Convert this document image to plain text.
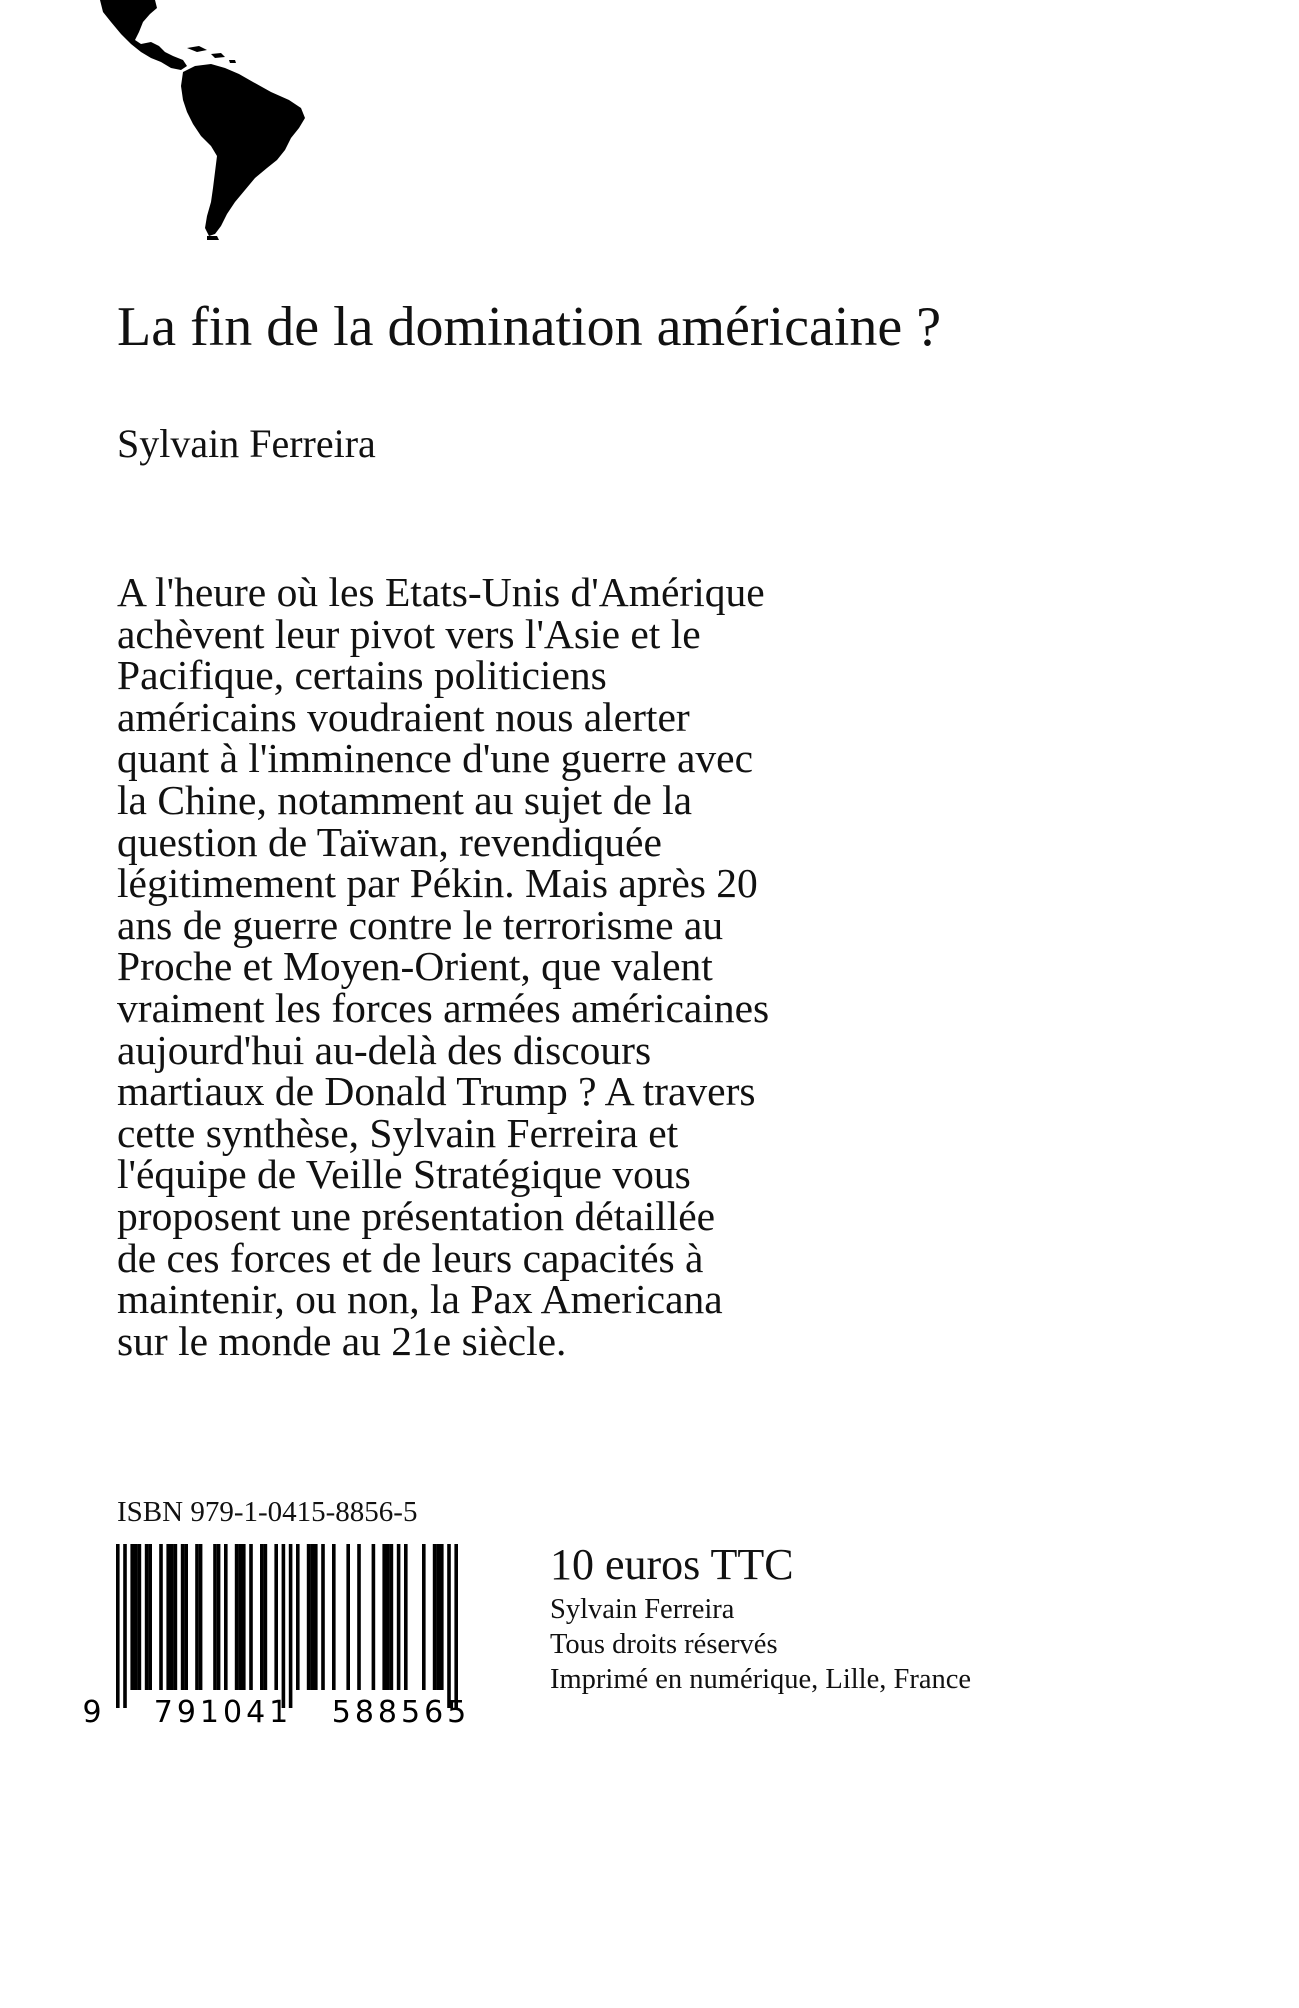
La fin de la domination américaine ?
Sylvain Ferreira

A l'heure où les Etats-Unis d'Amérique
achèvent leur pivot vers l'Asie et le
Pacifique, certains politiciens
américains voudraient nous alerter
quant à l'imminence d'une guerre avec
la Chine, notamment au sujet de la
question de Taïwan, revendiquée
légitimement par Pékin. Mais après 20
ans de guerre contre le terrorisme au
Proche et Moyen-Orient, que valent
vraiment les forces armées américaines
aujourd'hui au-delà des discours
martiaux de Donald Trump ? A travers
cette synthèse, Sylvain Ferreira et
l'équipe de Veille Stratégique vous
proposent une présentation détaillée
de ces forces et de leurs capacités à
maintenir, ou non, la Pax Americana
sur le monde au 21e siècle.

ISBN 979-1-0415-8856-5
9 791041 588565
10 euros TTC
Sylvain Ferreira
Tous droits réservés
Imprimé en numérique, Lille, France
